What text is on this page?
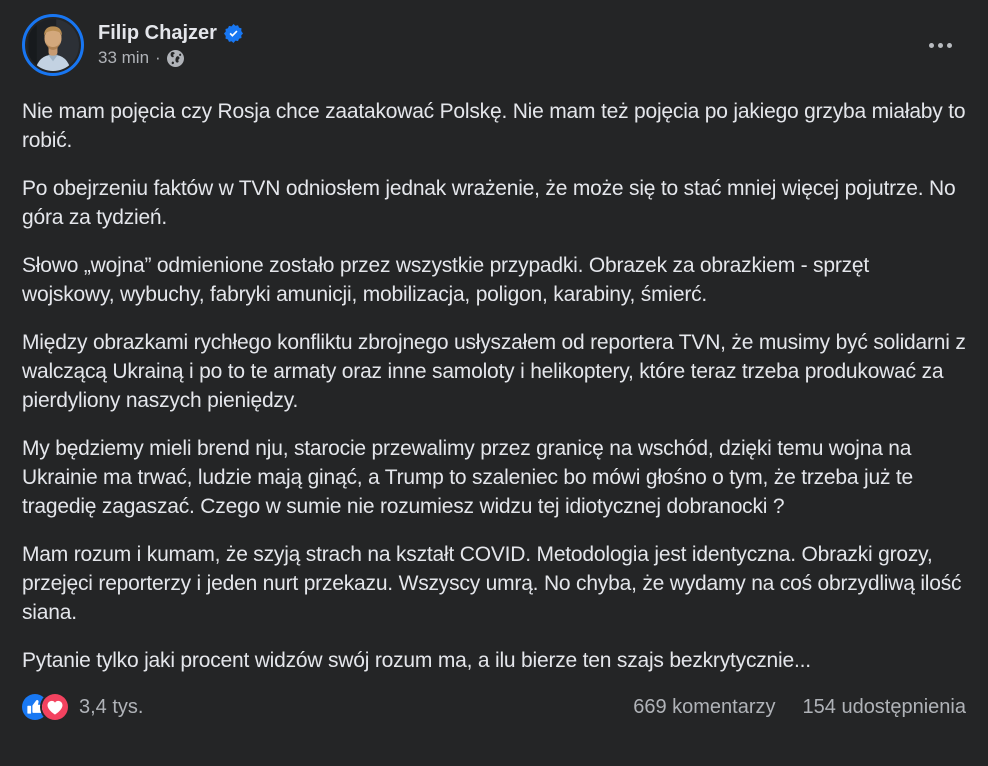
Filip Chajzer
33 min ·

Nie mam pojęcia czy Rosja chce zaatakować Polskę. Nie mam też pojęcia po jakiego grzyba miałaby to robić.

Po obejrzeniu faktów w TVN odniosłem jednak wrażenie, że może się to stać mniej więcej pojutrze. No góra za tydzień.

Słowo „wojna” odmienione zostało przez wszystkie przypadki. Obrazek za obrazkiem - sprzęt wojskowy, wybuchy, fabryki amunicji, mobilizacja, poligon, karabiny, śmierć.

Między obrazkami rychłego konfliktu zbrojnego usłyszałem od reportera TVN, że musimy być solidarni z walczącą Ukrainą i po to te armaty oraz inne samoloty i helikoptery, które teraz trzeba produkować za pierdyliony naszych pieniędzy.

My będziemy mieli brend nju, starocie przewalimy przez granicę na wschód, dzięki temu wojna na Ukrainie ma trwać, ludzie mają ginąć, a Trump to szaleniec bo mówi głośno o tym, że trzeba już te tragedię zagaszać. Czego w sumie nie rozumiesz widzu tej idiotycznej dobranocki ?

Mam rozum i kumam, że szyją strach na kształt COVID. Metodologia jest identyczna. Obrazki grozy, przejęci reporterzy i jeden nurt przekazu. Wszyscy umrą. No chyba, że wydamy na coś obrzydliwą ilość siana.

Pytanie tylko jaki procent widzów swój rozum ma, a ilu bierze ten szajs bezkrytycznie...

3,4 tys.	669 komentarzy 154 udostępnienia
